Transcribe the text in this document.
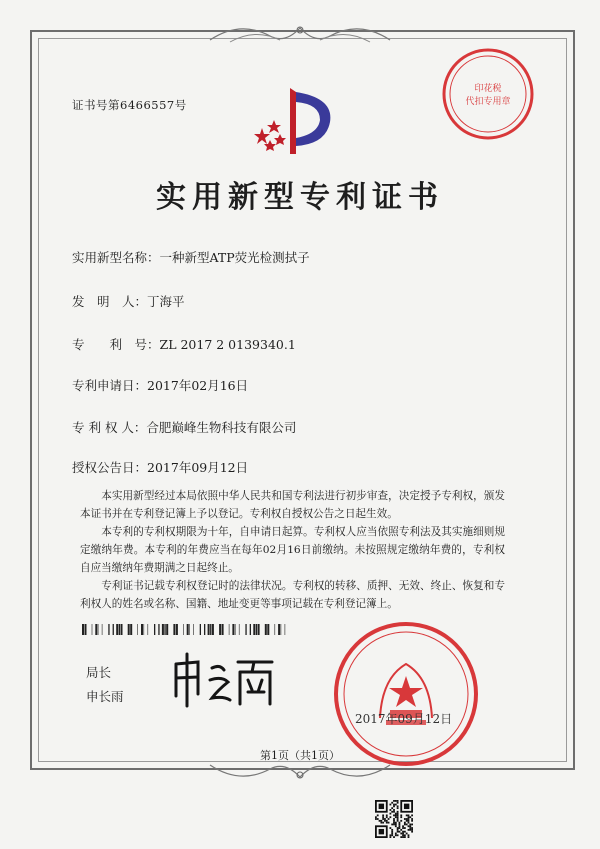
证书号第6466557号
印花税
代扣专用章
实用新型专利证书
实用新型名称：一种新型ATP荧光检测拭子
发　明　人：丁海平
专　　利　号：ZL 2017 2 0139340.1
专利申请日：2017年02月16日
专 利 权 人：合肥巅峰生物科技有限公司
授权公告日：2017年09月12日

本实用新型经过本局依照中华人民共和国专利法进行初步审查，决定授予专利权，颁发本证书并在专利登记簿上予以登记。专利权自授权公告之日起生效。

本专利的专利权期限为十年，自申请日起算。专利权人应当依照专利法及其实施细则规定缴纳年费。本专利的年费应当在每年02月16日前缴纳。未按照规定缴纳年费的，专利权自应当缴纳年费期满之日起终止。

专利证书记载专利权登记时的法律状况。专利权的转移、质押、无效、终止、恢复和专利权人的姓名或名称、国籍、地址变更等事项记载在专利登记簿上。

局长
申长雨
2017年09月12日
第1页（共1页）
